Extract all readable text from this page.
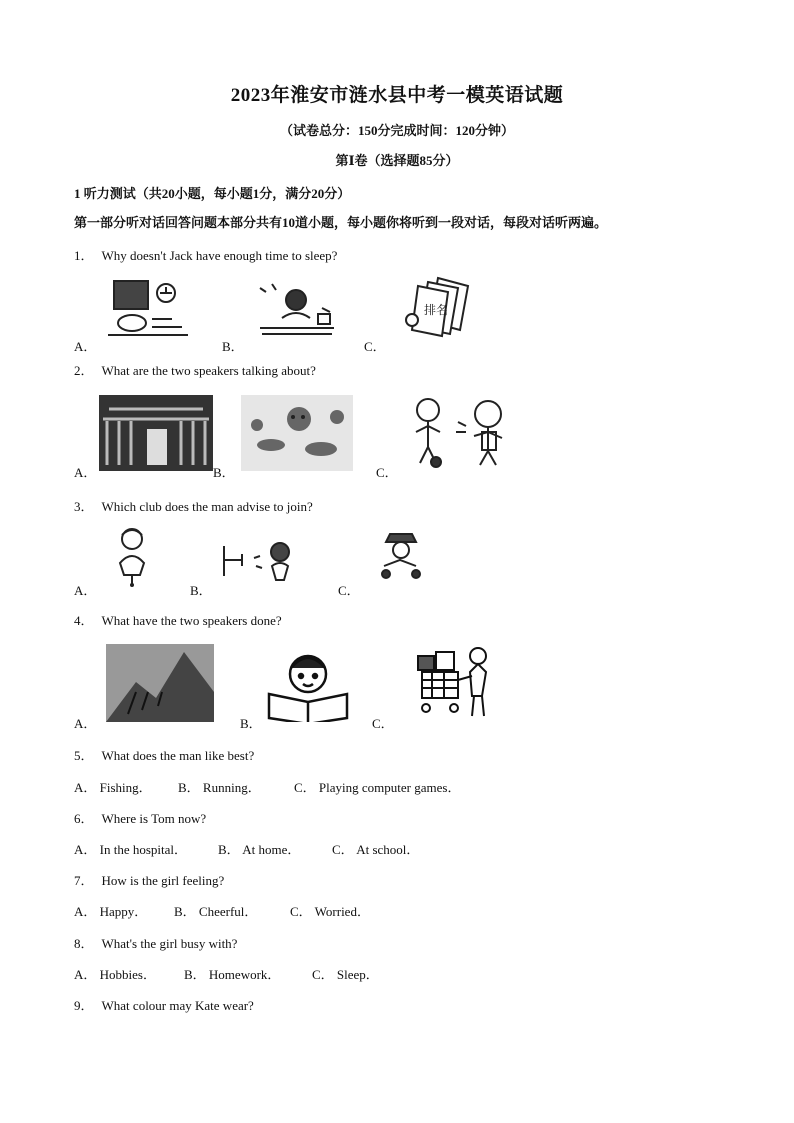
2023年淮安市涟水县中考一模英语试题
（试卷总分：150分完成时间：120分钟）
第Ⅰ卷（选择题85分）
1 听力测试（共20小题，每小题1分，满分20分）
第一部分听对话回答问题本部分共有10道小题，每小题你将听到一段对话，每段对话听两遍。
1． Why doesn't Jack have enough time to sleep?
A．	B．	C．
排名
2． What are the two speakers talking about?
A．	B．	C．
3． Which club does the man advise to join?
A．	B．	C．
4． What have the two speakers done?
A．	B．	C．
5． What does the man like best?
A． Fishing． B． Running．	C． Playing computer games．
6． Where is Tom now?
A． In the hospital． B． At home． C． At school．
7． How is the girl feeling?
A． Happy． B． Cheerful．	C． Worried．
8． What's the girl busy with?
A． Hobbies． B． Homework． C． Sleep．
9． What colour may Kate wear?
